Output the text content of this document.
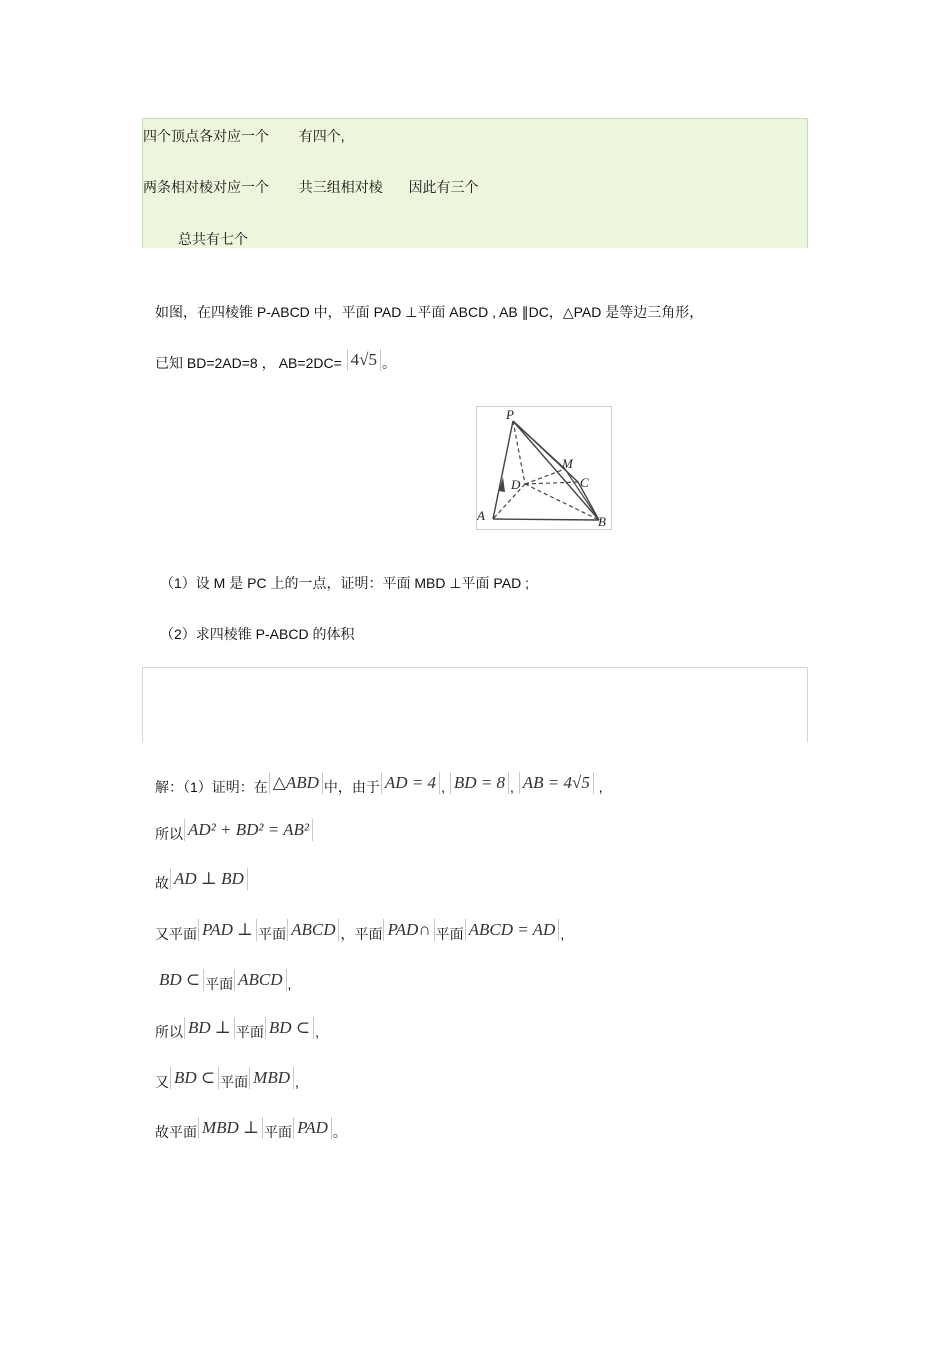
四个顶点各对应一个 有四个,
两条相对棱对应一个 共三组相对棱 因此有三个
总共有七个
如图，在四棱锥 P-ABCD 中，平面 PAD ⊥平面 ABCD , AB ∥DC，△PAD 是等边三角形，
已知 BD=2AD=8 ， AB=2DC= 4√5 。
P
M
D	C
A	B
（1）设 M 是 PC 上的一点，证明：平面 MBD ⊥平面 PAD ;
（2）求四棱锥 P-ABCD 的体积
解：（1）证明：在 △ABD 中，由于 AD = 4 , BD = 8 , AB = 4√5 ,
所以 AD² + BD² = AB²
故 AD ⊥ BD
又平面 PAD ⊥ 平面 ABCD ，平面 PAD∩ 平面 ABCD = AD ,
BD ⊂ 平面 ABCD ,
所以 BD ⊥ 平面 BD ⊂ ,
又 BD ⊂ 平面 MBD ,
故平面 MBD ⊥ 平面 PAD 。
